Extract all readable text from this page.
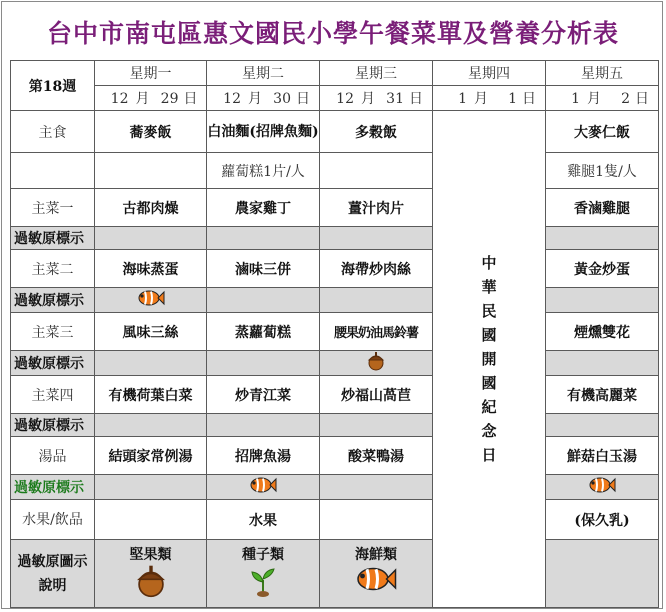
台中市南屯區惠文國民小學午餐菜單及營養分析表
第18週	星期一	星期二	星期三	星期四	星期五
	12 月 29 日	12 月 30 日	12 月 31 日	1 月 1 日	1 月 2 日
主食	蕎麥飯	白油麵(招牌魚麵)	多穀飯	中華民國開國紀念日	大麥仁飯
		蘿蔔糕1片/人			雞腿1隻/人
主菜一	古都肉燥	農家雞丁	薑汁肉片		香滷雞腿
過敏原標示					
主菜二	海味蒸蛋	滷味三併	海帶炒肉絲		黃金炒蛋
過敏原標示				
主菜三	風味三絲	蒸蘿蔔糕	腰果奶油馬鈴薯		煙燻雙花
過敏原標示				
主菜四	有機荷葉白菜	炒青江菜	炒福山萵苣		有機高麗菜
過敏原標示					
湯品	結頭家常例湯	招牌魚湯	酸菜鴨湯		鮮菇白玉湯
過敏原標示				
水果/飲品		水果			(保久乳)
過敏原圖示說明	堅果類	種子類	海鮮類		
